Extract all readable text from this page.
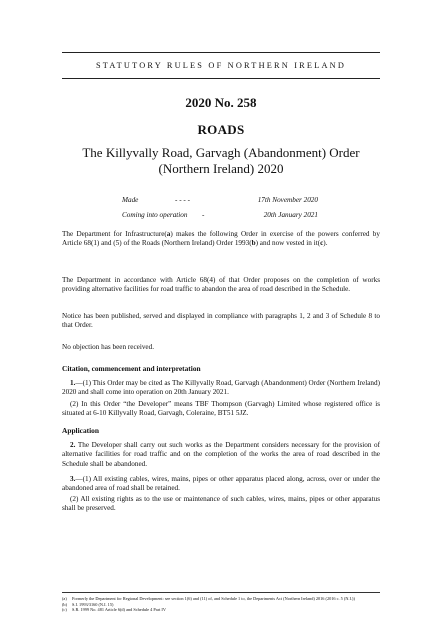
STATUTORY RULES OF NORTHERN IRELAND
2020 No. 258
ROADS
The Killyvally Road, Garvagh (Abandonment) Order (Northern Ireland) 2020
Made	- - - -	17th November 2020
Coming into operation -	20th January 2021

The Department for Infrastructure(a) makes the following Order in exercise of the powers conferred by Article 68(1) and (5) of the Roads (Northern Ireland) Order 1993(b) and now vested in it(c).

The Department in accordance with Article 68(4) of that Order proposes on the completion of works providing alternative facilities for road traffic to abandon the area of road described in the Schedule.

Notice has been published, served and displayed in compliance with paragraphs 1, 2 and 3 of Schedule 8 to that Order.

No objection has been received.

Citation, commencement and interpretation

1.—(1) This Order may be cited as The Killyvally Road, Garvagh (Abandonment) Order (Northern Ireland) 2020 and shall come into operation on 20th January 2021.

(2) In this Order “the Developer” means TBF Thompson (Garvagh) Limited whose registered office is situated at 6-10 Killyvally Road, Garvagh, Coleraine, BT51 5JZ.

Application

2. The Developer shall carry out such works as the Department considers necessary for the provision of alternative facilities for road traffic and on the completion of the works the area of road described in the Schedule shall be abandoned.

3.—(1) All existing cables, wires, mains, pipes or other apparatus placed along, across, over or under the abandoned area of road shall be retained.

(2) All existing rights as to the use or maintenance of such cables, wires, mains, pipes or other apparatus shall be preserved.

(a) Formerly the Department for Regional Development: see section 1(6) and (11) of, and Schedule 1 to, the Departments Act (Northern Ireland) 2016 (2016 c. 5 (N.I.))
(b) S.I. 1993/3160 (N.I. 15)
(c) S.R. 1999 No. 481 Article 6(d) and Schedule 4 Part IV
